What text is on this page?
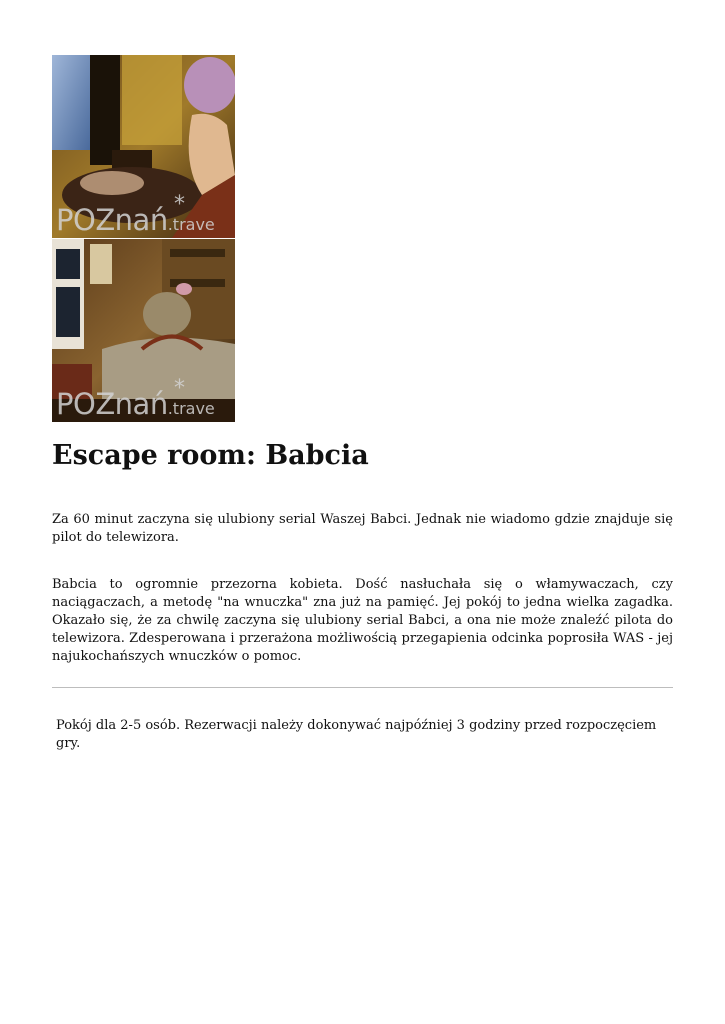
POZnań.trave
*
POZnań.trave
*
Escape room: Babcia

Za 60 minut zaczyna się ulubiony serial Waszej Babci. Jednak nie wiadomo gdzie znajduje się pilot do telewizora.

Babcia to ogromnie przezorna kobieta. Dość nasłuchała się o włamywaczach, czy naciągaczach, a metodę "na wnuczka" zna już na pamięć. Jej pokój to jedna wielka zagadka. Okazało się, że za chwilę zaczyna się ulubiony serial Babci, a ona nie może znaleźć pilota do telewizora. Zdesperowana i przerażona możliwością przegapienia odcinka poprosiła WAS - jej najukochańszych wnuczków o pomoc.

Pokój dla 2-5 osób. Rezerwacji należy dokonywać najpóźniej 3 godziny przed rozpoczęciem gry.
